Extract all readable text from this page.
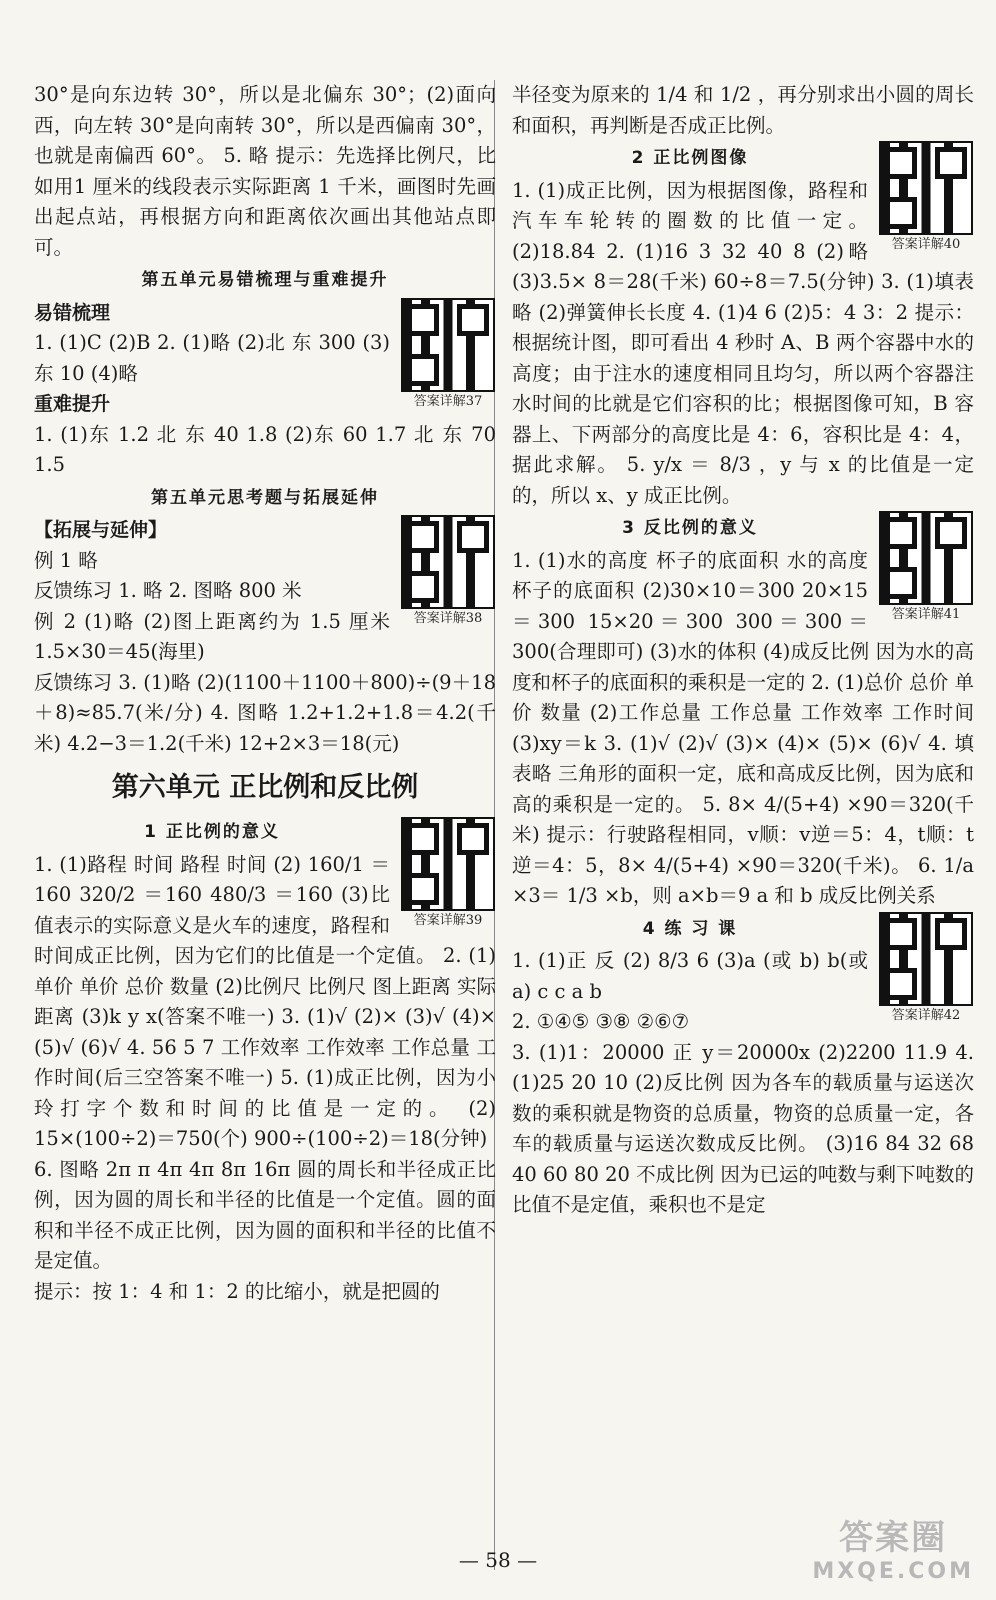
30°是向东边转 30°，所以是北偏东 30°；(2)面向西，向左转 30°是向南转 30°，所以是西偏南 30°，也就是南偏西 60°。 5. 略 提示：先选择比例尺，比如用1 厘米的线段表示实际距离 1 千米，画图时先画出起点站，再根据方向和距离依次画出其他站点即可。

第五单元易错梳理与重难提升
答案详解37
易错梳理

1. (1)C (2)B 2. (1)略 (2)北 东 300 (3)东 10 (4)略

重难提升

1. (1)东 1.2 北 东 40 1.8 (2)东 60 1.7 北 东 70 1.5

第五单元思考题与拓展延伸
答案详解38
【拓展与延伸】

例 1 略

反馈练习 1. 略 2. 图略 800 米

例 2 (1)略 (2)图上距离约为 1.5 厘米 1.5×30＝45(海里)

反馈练习 3. (1)略 (2)(1100＋1100＋800)÷(9＋18＋8)≈85.7(米/分) 4. 图略 1.2+1.2+1.8＝4.2(千米) 4.2−3＝1.2(千米) 12+2×3＝18(元)

第六单元 正比例和反比例
答案详解39
1 正比例的意义

1. (1)路程 时间 路程 时间 (2) 160/1 ＝160 320/2 ＝160 480/3 ＝160 (3)比值表示的实际意义是火车的速度，路程和时间成正比例，因为它们的比值是一个定值。 2. (1)单价 单价 总价 数量 (2)比例尺 比例尺 图上距离 实际距离 (3)k y x(答案不唯一) 3. (1)√ (2)× (3)√ (4)× (5)√ (6)√ 4. 56 5 7 工作效率 工作效率 工作总量 工作时间(后三空答案不唯一) 5. (1)成正比例，因为小玲打字个数和时间的比值是一定的。 (2) 15×(100÷2)＝750(个) 900÷(100÷2)＝18(分钟)

6. 图略 2π π 4π 4π 8π 16π 圆的周长和半径成正比例，因为圆的周长和半径的比值是一个定值。圆的面积和半径不成正比例，因为圆的面积和半径的比值不是定值。

提示：按 1：4 和 1：2 的比缩小，就是把圆的

半径变为原来的 1/4 和 1/2 ，再分别求出小圆的周长和面积，再判断是否成正比例。

答案详解40
2 正比例图像

1. (1)成正比例，因为根据图像，路程和汽车车轮转的圈数的比值一定。 (2)18.84 2. (1)16 3 32 40 8 (2)略 (3)3.5× 8＝28(千米) 60÷8＝7.5(分钟) 3. (1)填表略 (2)弹簧伸长长度 4. (1)4 6 (2)5：4 3：2 提示：根据统计图，即可看出 4 秒时 A、B 两个容器中水的高度；由于注水的速度相同且均匀，所以两个容器注水时间的比就是它们容积的比；根据图像可知，B 容器上、下两部分的高度比是 4：6，容积比是 4：4，据此求解。 5. y/x ＝ 8/3 ，y 与 x 的比值是一定的，所以 x、y 成正比例。

答案详解41
3 反比例的意义

1. (1)水的高度 杯子的底面积 水的高度 杯子的底面积 (2)30×10＝300 20×15＝300 15×20＝300 300＝300＝300(合理即可) (3)水的体积 (4)成反比例 因为水的高度和杯子的底面积的乘积是一定的 2. (1)总价 总价 单价 数量 (2)工作总量 工作总量 工作效率 工作时间 (3)xy＝k 3. (1)√ (2)√ (3)× (4)× (5)× (6)√ 4. 填表略 三角形的面积一定，底和高成反比例，因为底和高的乘积是一定的。 5. 8× 4/(5+4) ×90＝320(千米) 提示：行驶路程相同，v顺：v逆＝5：4，t顺：t逆＝4：5，8× 4/(5+4) ×90＝320(千米)。 6. 1/a ×3＝ 1/3 ×b，则 a×b＝9 a 和 b 成反比例关系

答案详解42
4 练 习 课

1. (1)正 反 (2) 8/3 6 (3)a (或 b) b(或 a) c c a b

2. ①④⑤ ③⑧ ②⑥⑦

3. (1)1：20000 正 y＝20000x (2)2200 11.9 4. (1)25 20 10 (2)反比例 因为各车的载质量与运送次数的乘积就是物资的总质量，物资的总质量一定，各车的载质量与运送次数成反比例。 (3)16 84 32 68 40 60 80 20 不成比例 因为已运的吨数与剩下吨数的比值不是定值，乘积也不是定

— 58 —
答案圈
MXQE.COM
